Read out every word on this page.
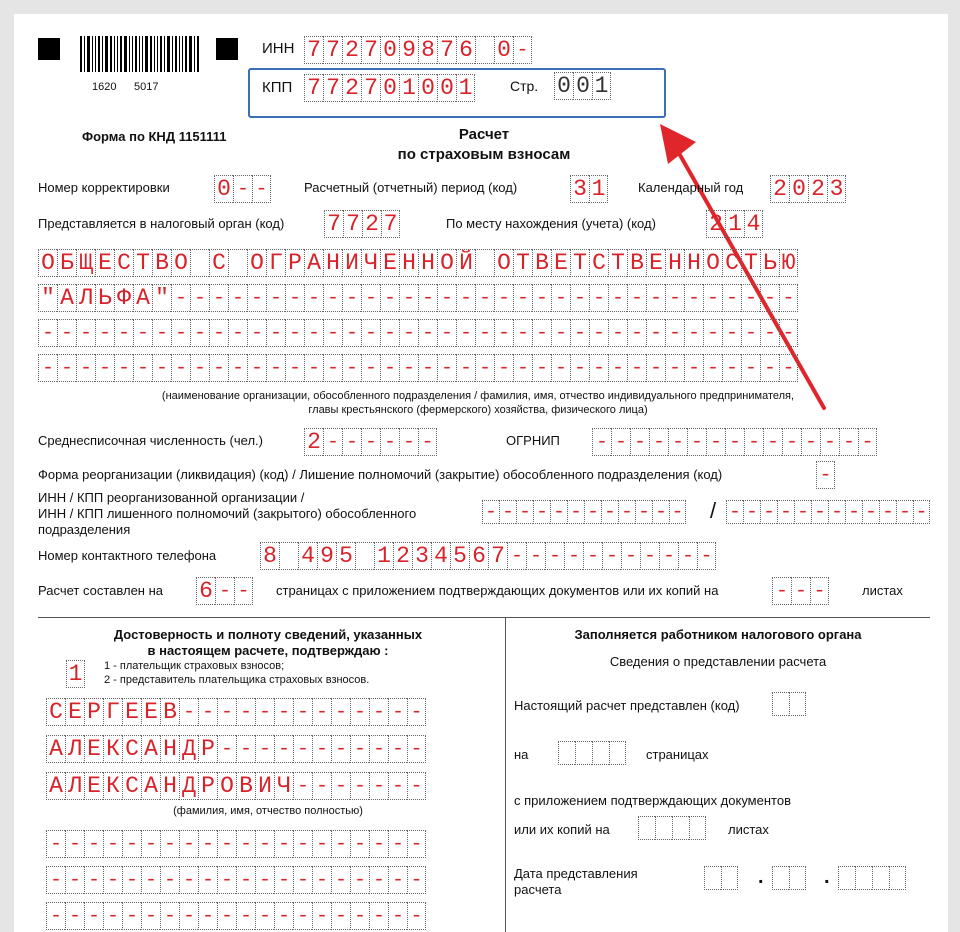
1620 5017
ИНН 7 7 2 7 0 9 8 7 6 0 -
КПП 7 7 2 7 0 1 0 0 1	Стр. 0 0 1
Форма по КНД 1151111	Расчет
по страховым взносам
Номер корректировки 0 - -	Расчетный (отчетный) период (код) 3 1	Календарный год 2 0 2 3
Представляется в налоговый орган (код) 7 7 2 7	По месту нахождения (учета) (код) 2 1 4
О Б Щ Е С Т В О С О Г Р А Н И Ч Е Н Н О Й О Т В Е Т С Т В Е Н Н О С Т Ь Ю
" А Л Ь Ф А " - - - - - - - - - - - - - - - - - - - - - - - - - - - - - - - - -
- - - - - - - - - - - - - - - - - - - - - - - - - - - - - - - - - - - - - - - -
- - - - - - - - - - - - - - - - - - - - - - - - - - - - - - - - - - - - - - - -
(наименование организации, обособленного подразделения / фамилия, имя, отчество индивидуального предпринимателя,
главы крестьянского (фермерского) хозяйства, физического лица)
Среднесписочная численность (чел.) 2 - - - - - -	ОГРНИП - - - - - - - - - - - - - - -
Форма реорганизации (ликвидация) (код) / Лишение полномочий (закрытие) обособленного подразделения (код)	-
ИНН / КПП реорганизованной организации /
ИНН / КПП лишенного полномочий (закрытого) обособленного
подразделения
- - - - - - - - - - - - / - - - - - - - - - - - -
Номер контактного телефона 8 4 9 5 1 2 3 4 5 6 7 - - - - - - - - - - -
Расчет составлен на 6 - - страницах с приложением подтверждающих документов или их копий на	- - -	листах
Достоверность и полноту сведений, указанных
в настоящем расчете, подтверждаю :
1 1 - плательщик страховых взносов;
2 - представитель плательщика страховых взносов.
С Е Р Г Е Е В - - - - - - - - - - - - -
А Л Е К С А Н Д Р - - - - - - - - - - -
А Л Е К С А Н Д Р О В И Ч - - - - - - -
(фамилия, имя, отчество полностью)
- - - - - - - - - - - - - - - - - - - -
- - - - - - - - - - - - - - - - - - - -
- - - - - - - - - - - - - - - - - - - -
Заполняется работником налогового органа
Сведения о представлении расчета
Настоящий расчет представлен (код)
на	страницах
с приложением подтверждающих документов
или их копий на	листах
Дата представления
расчета
.	.
